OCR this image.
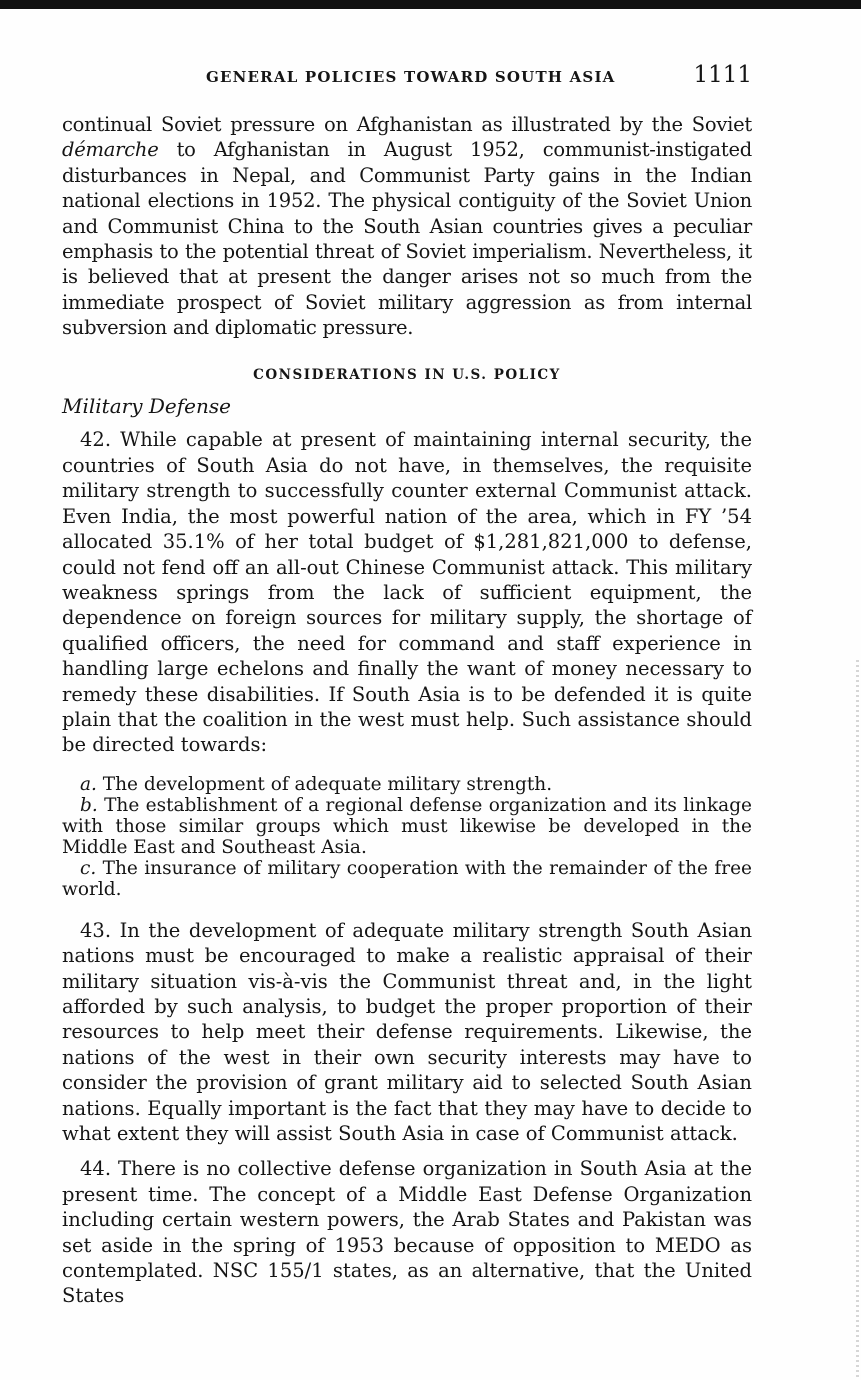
GENERAL POLICIES TOWARD SOUTH ASIA	1111

continual Soviet pressure on Afghanistan as illustrated by the Soviet démarche to Afghanistan in August 1952, communist-instigated disturbances in Nepal, and Communist Party gains in the Indian national elections in 1952. The physical contiguity of the Soviet Union and Communist China to the South Asian countries gives a peculiar emphasis to the potential threat of Soviet imperialism. Nevertheless, it is believed that at present the danger arises not so much from the immediate prospect of Soviet military aggression as from internal subversion and diplomatic pressure.

CONSIDERATIONS IN U.S. POLICY
Military Defense

42. While capable at present of maintaining internal security, the countries of South Asia do not have, in themselves, the requisite military strength to successfully counter external Communist attack. Even India, the most powerful nation of the area, which in FY ’54 allocated 35.1% of her total budget of $1,281,821,000 to defense, could not fend off an all-out Chinese Communist attack. This military weakness springs from the lack of sufficient equipment, the dependence on foreign sources for military supply, the shortage of qualified officers, the need for command and staff experience in handling large echelons and finally the want of money necessary to remedy these disabilities. If South Asia is to be defended it is quite plain that the coalition in the west must help. Such assistance should be directed towards:

a. The development of adequate military strength.

b. The establishment of a regional defense organization and its linkage with those similar groups which must likewise be developed in the Middle East and Southeast Asia.

c. The insurance of military cooperation with the remainder of the free world.

43. In the development of adequate military strength South Asian nations must be encouraged to make a realistic appraisal of their military situation vis-à-vis the Communist threat and, in the light afforded by such analysis, to budget the proper proportion of their resources to help meet their defense requirements. Likewise, the nations of the west in their own security interests may have to consider the provision of grant military aid to selected South Asian nations. Equally important is the fact that they may have to decide to what extent they will assist South Asia in case of Communist attack.

44. There is no collective defense organization in South Asia at the present time. The concept of a Middle East Defense Organization including certain western powers, the Arab States and Pakistan was set aside in the spring of 1953 because of opposition to MEDO as contemplated. NSC 155/1 states, as an alternative, that the United States
